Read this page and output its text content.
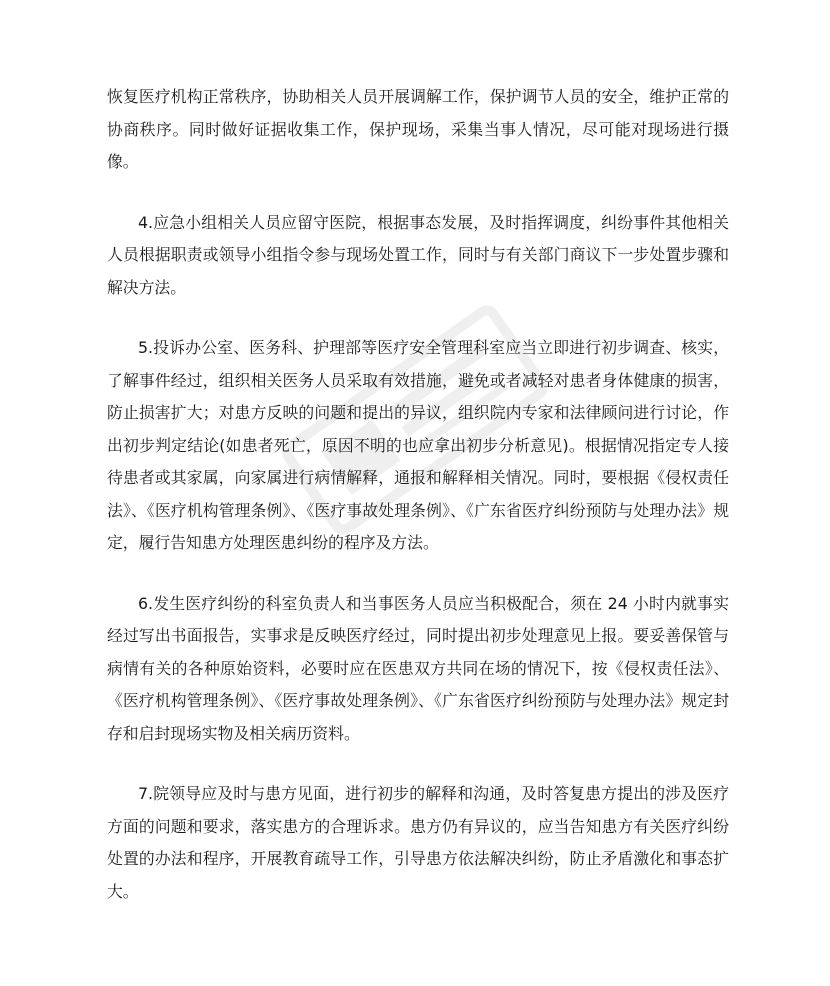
恢复医疗机构正常秩序，协助相关人员开展调解工作，保护调节人员的安全，维护正常的协商秩序。同时做好证据收集工作，保护现场，采集当事人情况，尽可能对现场进行摄像。

4.应急小组相关人员应留守医院，根据事态发展，及时指挥调度，纠纷事件其他相关人员根据职责或领导小组指令参与现场处置工作，同时与有关部门商议下一步处置步骤和解决方法。

5.投诉办公室、医务科、护理部等医疗安全管理科室应当立即进行初步调查、核实，了解事件经过，组织相关医务人员采取有效措施，避免或者减轻对患者身体健康的损害，防止损害扩大；对患方反映的问题和提出的异议，组织院内专家和法律顾问进行讨论，作出初步判定结论(如患者死亡，原因不明的也应拿出初步分析意见)。根据情况指定专人接待患者或其家属，向家属进行病情解释，通报和解释相关情况。同时，要根据《侵权责任法》、《医疗机构管理条例》、《医疗事故处理条例》、《广东省医疗纠纷预防与处理办法》规定，履行告知患方处理医患纠纷的程序及方法。

6.发生医疗纠纷的科室负责人和当事医务人员应当积极配合，须在 24 小时内就事实经过写出书面报告，实事求是反映医疗经过，同时提出初步处理意见上报。要妥善保管与病情有关的各种原始资料，必要时应在医患双方共同在场的情况下，按《侵权责任法》、《医疗机构管理条例》、《医疗事故处理条例》、《广东省医疗纠纷预防与处理办法》规定封存和启封现场实物及相关病历资料。

7.院领导应及时与患方见面，进行初步的解释和沟通，及时答复患方提出的涉及医疗方面的问题和要求，落实患方的合理诉求。患方仍有异议的，应当告知患方有关医疗纠纷处置的办法和程序，开展教育疏导工作，引导患方依法解决纠纷，防止矛盾激化和事态扩大。
